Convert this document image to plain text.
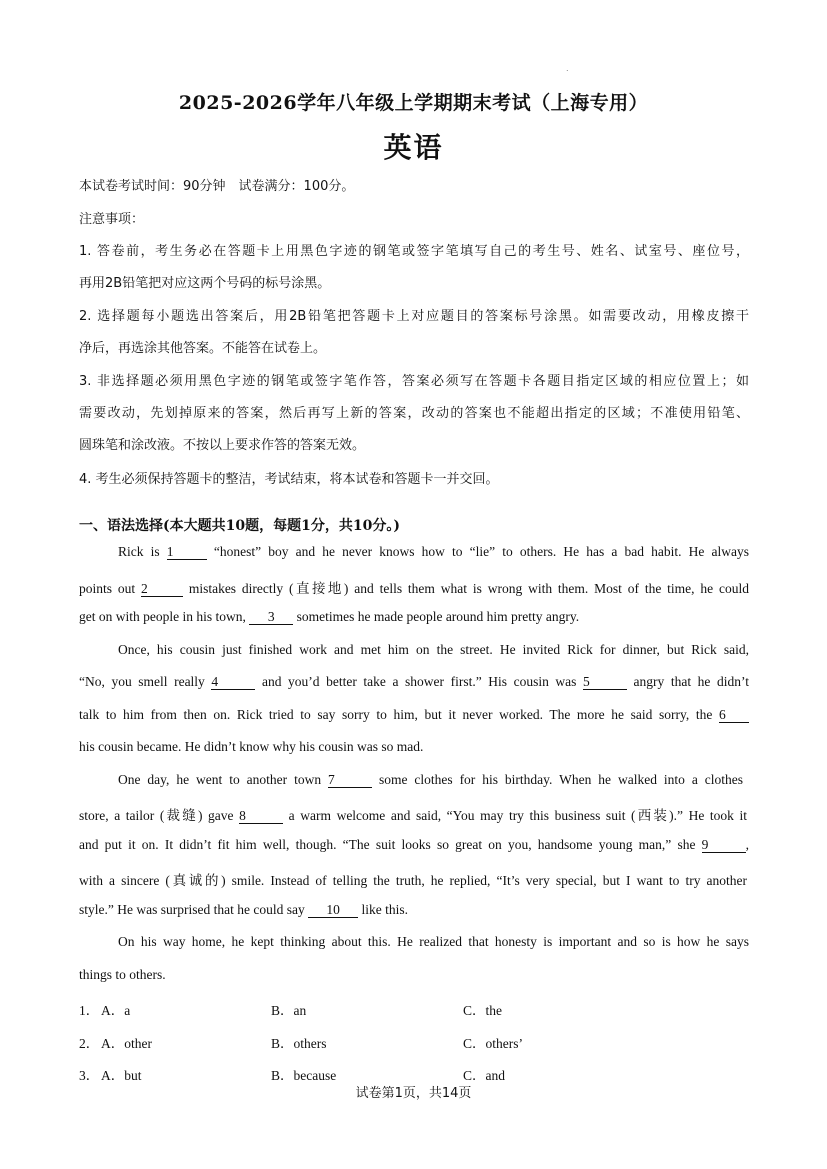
.
2025-2026学年八年级上学期期末考试（上海专用）
英语
本试卷考试时间：90分钟　试卷满分：100分。
注意事项：
1. 答卷前，考生务必在答题卡上用黑色字迹的钢笔或签字笔填写自己的考生号、姓名、试室号、座位号，
再用2B铅笔把对应这两个号码的标号涂黑。
2. 选择题每小题选出答案后，用2B铅笔把答题卡上对应题目的答案标号涂黑。如需要改动，用橡皮擦干
净后，再选涂其他答案。不能答在试卷上。
3. 非选择题必须用黑色字迹的钢笔或签字笔作答，答案必须写在答题卡各题目指定区域的相应位置上；如
需要改动，先划掉原来的答案，然后再写上新的答案，改动的答案也不能超出指定的区域；不准使用铅笔、
圆珠笔和涂改液。不按以上要求作答的答案无效。
4. 考生必须保持答题卡的整洁，考试结束，将本试卷和答题卡一并交回。
一、语法选择(本大题共10题，每题1分，共10分。)
Rick is 1 “honest” boy and he never knows how to “lie” to others. He has a bad habit. He always
points out 2	mistakes directly (直接地) and tells them what is wrong with them. Most of the time, he could
get on with people in his town, 3 sometimes he made people around him pretty angry.
Once, his cousin just finished work and met him on the street. He invited Rick for dinner, but Rick said,
“No, you smell really 4	and you’d better take a shower first.” His cousin was 5	angry that he didn’t
talk to him from then on. Rick tried to say sorry to him, but it never worked. The more he said sorry, the 6
his cousin became. He didn’t know why his cousin was so mad.
One day, he went to another town 7	some clothes for his birthday. When he walked into a clothes
store, a tailor (裁缝) gave 8	a warm welcome and said, “You may try this business suit (西装).” He took it
and put it on. It didn’t fit him well, though. “The suit looks so great on you, handsome young man,” she 9	,
with a sincere (真诚的) smile. Instead of telling the truth, he replied, “It’s very special, but I want to try another
style.” He was surprised that he could say 10 like this.
On his way home, he kept thinking about this. He realized that honesty is important and so is how he says
things to others.
1． A．a	B．an	C．the
2． A．other	B．others	C．others’
3． A．but	B．because	C．and
试卷第1页，共14页
